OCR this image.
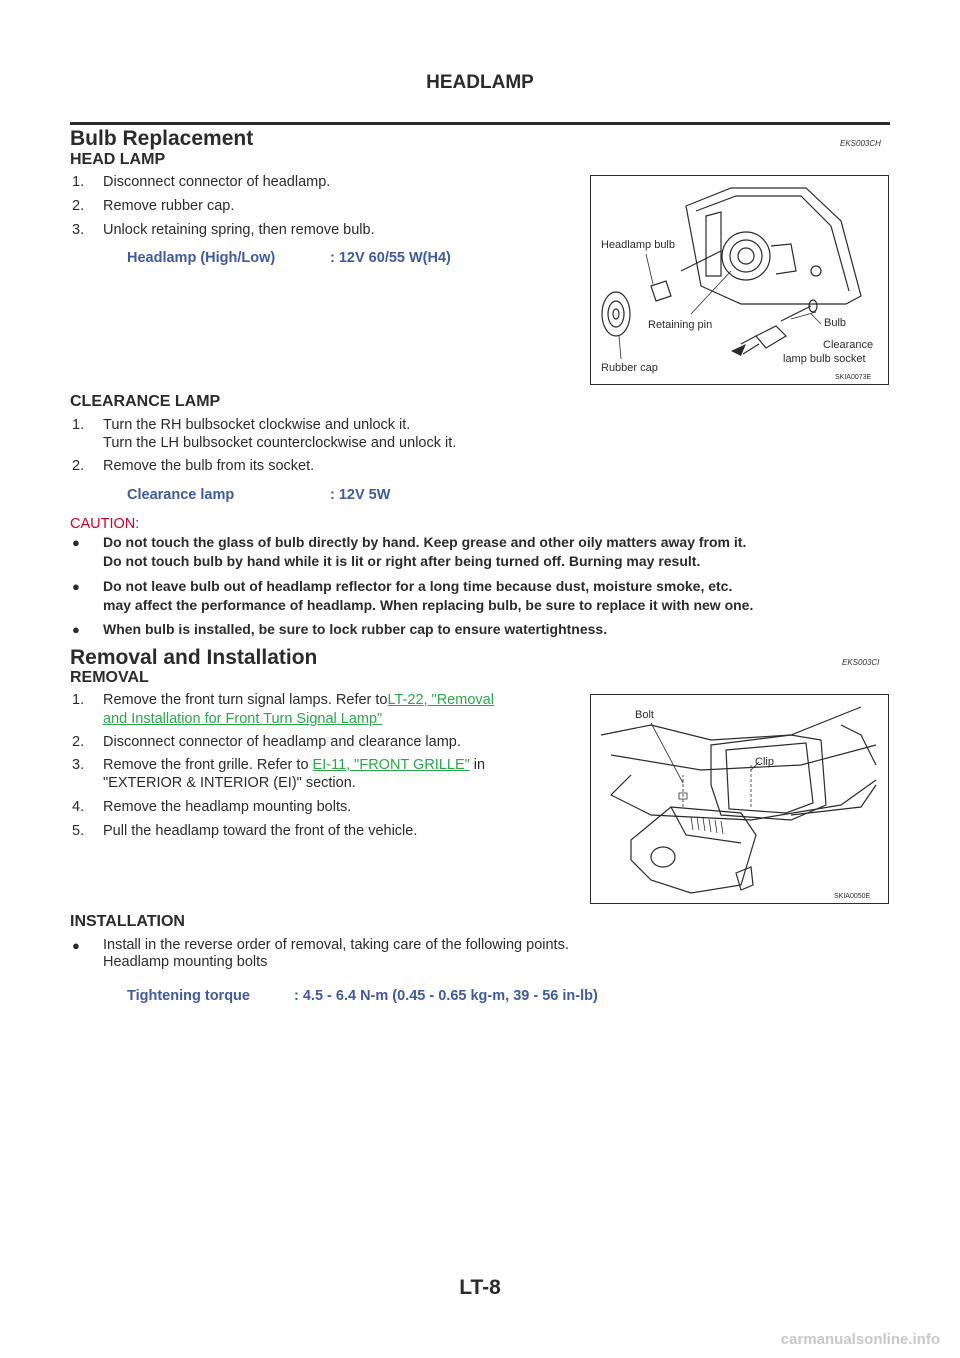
HEADLAMP
Bulb Replacement	EKS003CH
HEAD LAMP
1. Disconnect connector of headlamp.
2. Remove rubber cap.
3. Unlock retaining spring, then remove bulb.
Headlamp (High/Low)	: 12V 60/55 W(H4)
Headlamp bulb
Retaining pin	Bulb
Clearance
lamp bulb socket
Rubber cap
SKIA0073E
CLEARANCE LAMP
1. Turn the RH bulbsocket clockwise and unlock it.
Turn the LH bulbsocket counterclockwise and unlock it.
2. Remove the bulb from its socket.
Clearance lamp	: 12V 5W
CAUTION:
● Do not touch the glass of bulb directly by hand. Keep grease and other oily matters away from it.
Do not touch bulb by hand while it is lit or right after being turned off. Burning may result.
● Do not leave bulb out of headlamp reflector for a long time because dust, moisture smoke, etc.
may affect the performance of headlamp. When replacing bulb, be sure to replace it with new one.
● When bulb is installed, be sure to lock rubber cap to ensure watertightness.
Removal and Installation	EKS003CI
REMOVAL
1. Remove the front turn signal lamps. Refer toLT-22, "Removal
and Installation for Front Turn Signal Lamp"
2. Disconnect connector of headlamp and clearance lamp.
3. Remove the front grille. Refer to EI-11, "FRONT GRILLE" in
"EXTERIOR & INTERIOR (EI)" section.
4. Remove the headlamp mounting bolts.
5. Pull the headlamp toward the front of the vehicle.
Bolt
Clip
SKIA0050E
INSTALLATION
● Install in the reverse order of removal, taking care of the following points.
Headlamp mounting bolts
Tightening torque	: 4.5 - 6.4 N-m (0.45 - 0.65 kg-m, 39 - 56 in-lb)
LT-8
carmanualsonline.info
